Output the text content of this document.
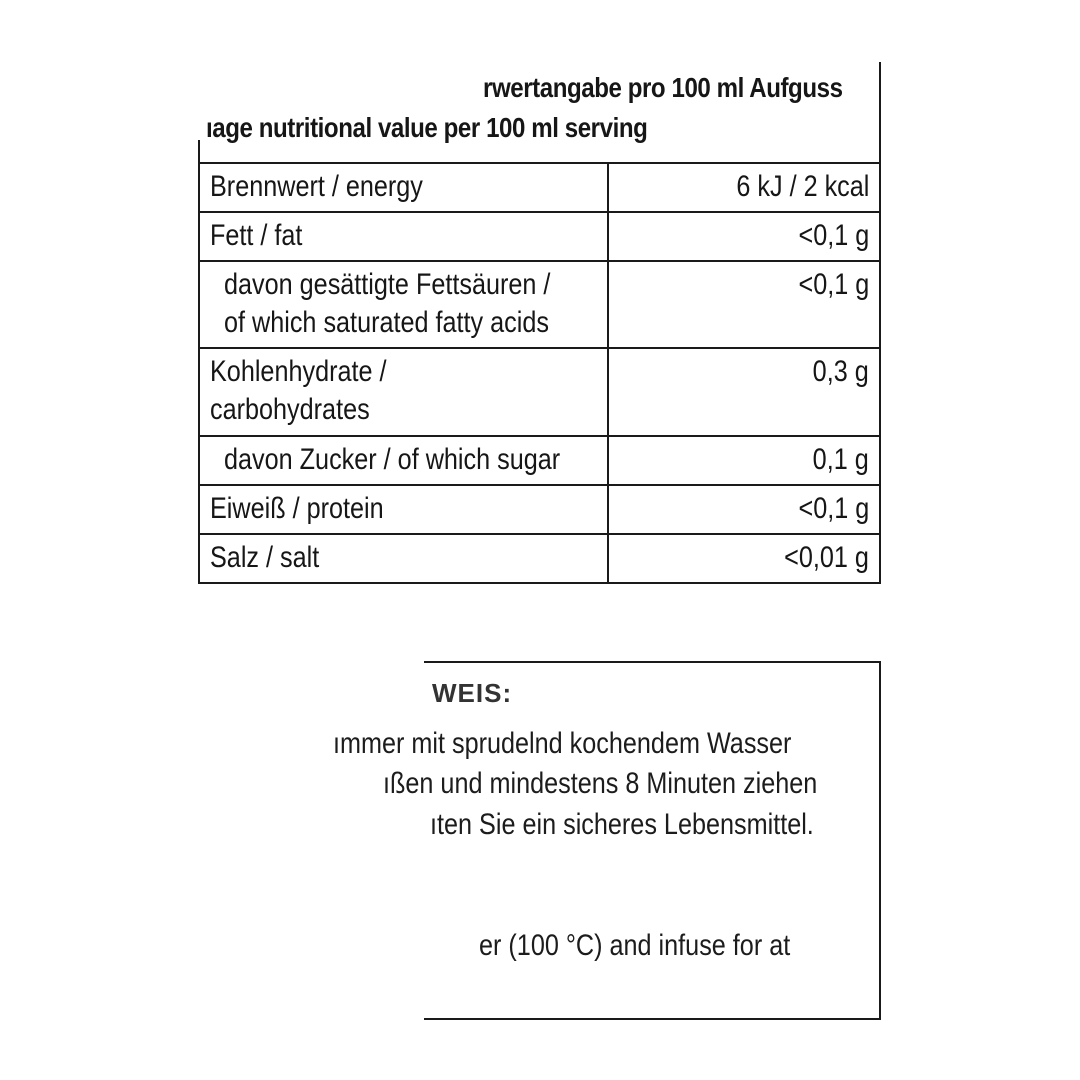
rwertangabe pro 100 ml Aufguss
ıage nutritional value per 100 ml serving
Brennwert / energy	6 kJ / 2 kcal
Fett / fat	<0,1 g
davon gesättigte Fettsäuren /
of which saturated fatty acids	<0,1 g
Kohlenhydrate /
carbohydrates	0,3 g
davon Zucker / of which sugar	0,1 g
Eiweiß / protein	<0,1 g
Salz / salt	<0,01 g
WEIS:
ımmer mit sprudelnd kochendem Wasser
ıßen und mindestens 8 Minuten ziehen
ıten Sie ein sicheres Lebensmittel.
er (100 °C) and infuse for at
